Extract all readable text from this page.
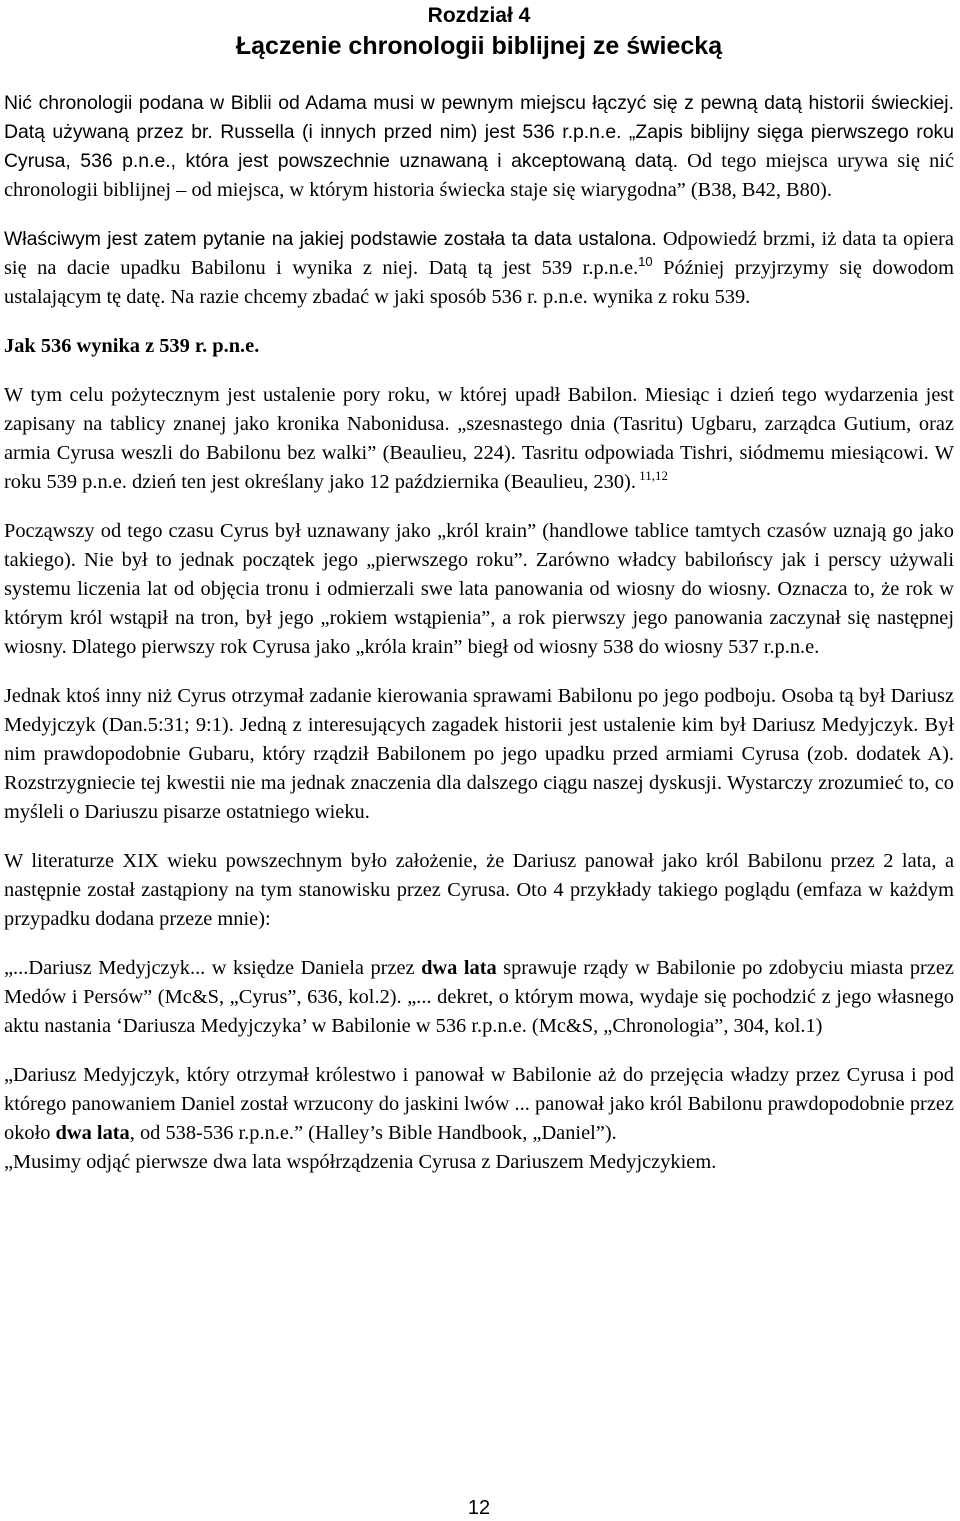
Rozdział 4
Łączenie chronologii biblijnej ze świecką

Nić chronologii podana w Biblii od Adama musi w pewnym miejscu łączyć się z pewną datą historii świeckiej. Datą używaną przez br. Russella (i innych przed nim) jest 536 r.p.n.e. „Zapis biblijny sięga pierwszego roku Cyrusa, 536 p.n.e., która jest powszechnie uznawaną i akceptowaną datą. Od tego miejsca urywa się nić chronologii biblijnej – od miejsca, w którym historia świecka staje się wiarygodna” (B38, B42, B80).

Właściwym jest zatem pytanie na jakiej podstawie została ta data ustalona. Odpowiedź brzmi, iż data ta opiera się na dacie upadku Babilonu i wynika z niej. Datą tą jest 539 r.p.n.e.$^{10}$ Później przyjrzymy się dowodom ustalającym tę datę. Na razie chcemy zbadać w jaki sposób 536 r. p.n.e. wynika z roku 539.

Jak 536 wynika z 539 r. p.n.e.

W tym celu pożytecznym jest ustalenie pory roku, w której upadł Babilon. Miesiąc i dzień tego wydarzenia jest zapisany na tablicy znanej jako kronika Nabonidusa. „szesnastego dnia (Tasritu) Ugbaru, zarządca Gutium, oraz armia Cyrusa weszli do Babilonu bez walki” (Beaulieu, 224). Tasritu odpowiada Tishri, siódmemu miesiącowi. W roku 539 p.n.e. dzień ten jest określany jako 12 października (Beaulieu, 230). $^{11,12}$

Począwszy od tego czasu Cyrus był uznawany jako „król krain” (handlowe tablice tamtych czasów uznają go jako takiego). Nie był to jednak początek jego „pierwszego roku”. Zarówno władcy babilońscy jak i perscy używali systemu liczenia lat od objęcia tronu i odmierzali swe lata panowania od wiosny do wiosny. Oznacza to, że rok w którym król wstąpił na tron, był jego „rokiem wstąpienia”, a rok pierwszy jego panowania zaczynał się następnej wiosny. Dlatego pierwszy rok Cyrusa jako „króla krain” biegł od wiosny 538 do wiosny 537 r.p.n.e.

Jednak ktoś inny niż Cyrus otrzymał zadanie kierowania sprawami Babilonu po jego podboju. Osoba tą był Dariusz Medyjczyk (Dan.5:31; 9:1). Jedną z interesujących zagadek historii jest ustalenie kim był Dariusz Medyjczyk. Był nim prawdopodobnie Gubaru, który rządził Babilonem po jego upadku przed armiami Cyrusa (zob. dodatek A). Rozstrzygniecie tej kwestii nie ma jednak znaczenia dla dalszego ciągu naszej dyskusji. Wystarczy zrozumieć to, co myśleli o Dariuszu pisarze ostatniego wieku.

W literaturze XIX wieku powszechnym było założenie, że Dariusz panował jako król Babilonu przez 2 lata, a następnie został zastąpiony na tym stanowisku przez Cyrusa. Oto 4 przykłady takiego poglądu (emfaza w każdym przypadku dodana przeze mnie):

„...Dariusz Medyjczyk... w księdze Daniela przez dwa lata sprawuje rządy w Babilonie po zdobyciu miasta przez Medów i Persów” (Mc&S, „Cyrus”, 636, kol.2). „... dekret, o którym mowa, wydaje się pochodzić z jego własnego aktu nastania ‘Dariusza Medyjczyka’ w Babilonie w 536 r.p.n.e. (Mc&S, „Chronologia”, 304, kol.1)

„Dariusz Medyjczyk, który otrzymał królestwo i panował w Babilonie aż do przejęcia władzy przez Cyrusa i pod którego panowaniem Daniel został wrzucony do jaskini lwów ... panował jako król Babilonu prawdopodobnie przez około dwa lata, od 538-536 r.p.n.e.” (Halley’s Bible Handbook, „Daniel”).

„Musimy odjąć pierwsze dwa lata współrządzenia Cyrusa z Dariuszem Medyjczykiem.

12
